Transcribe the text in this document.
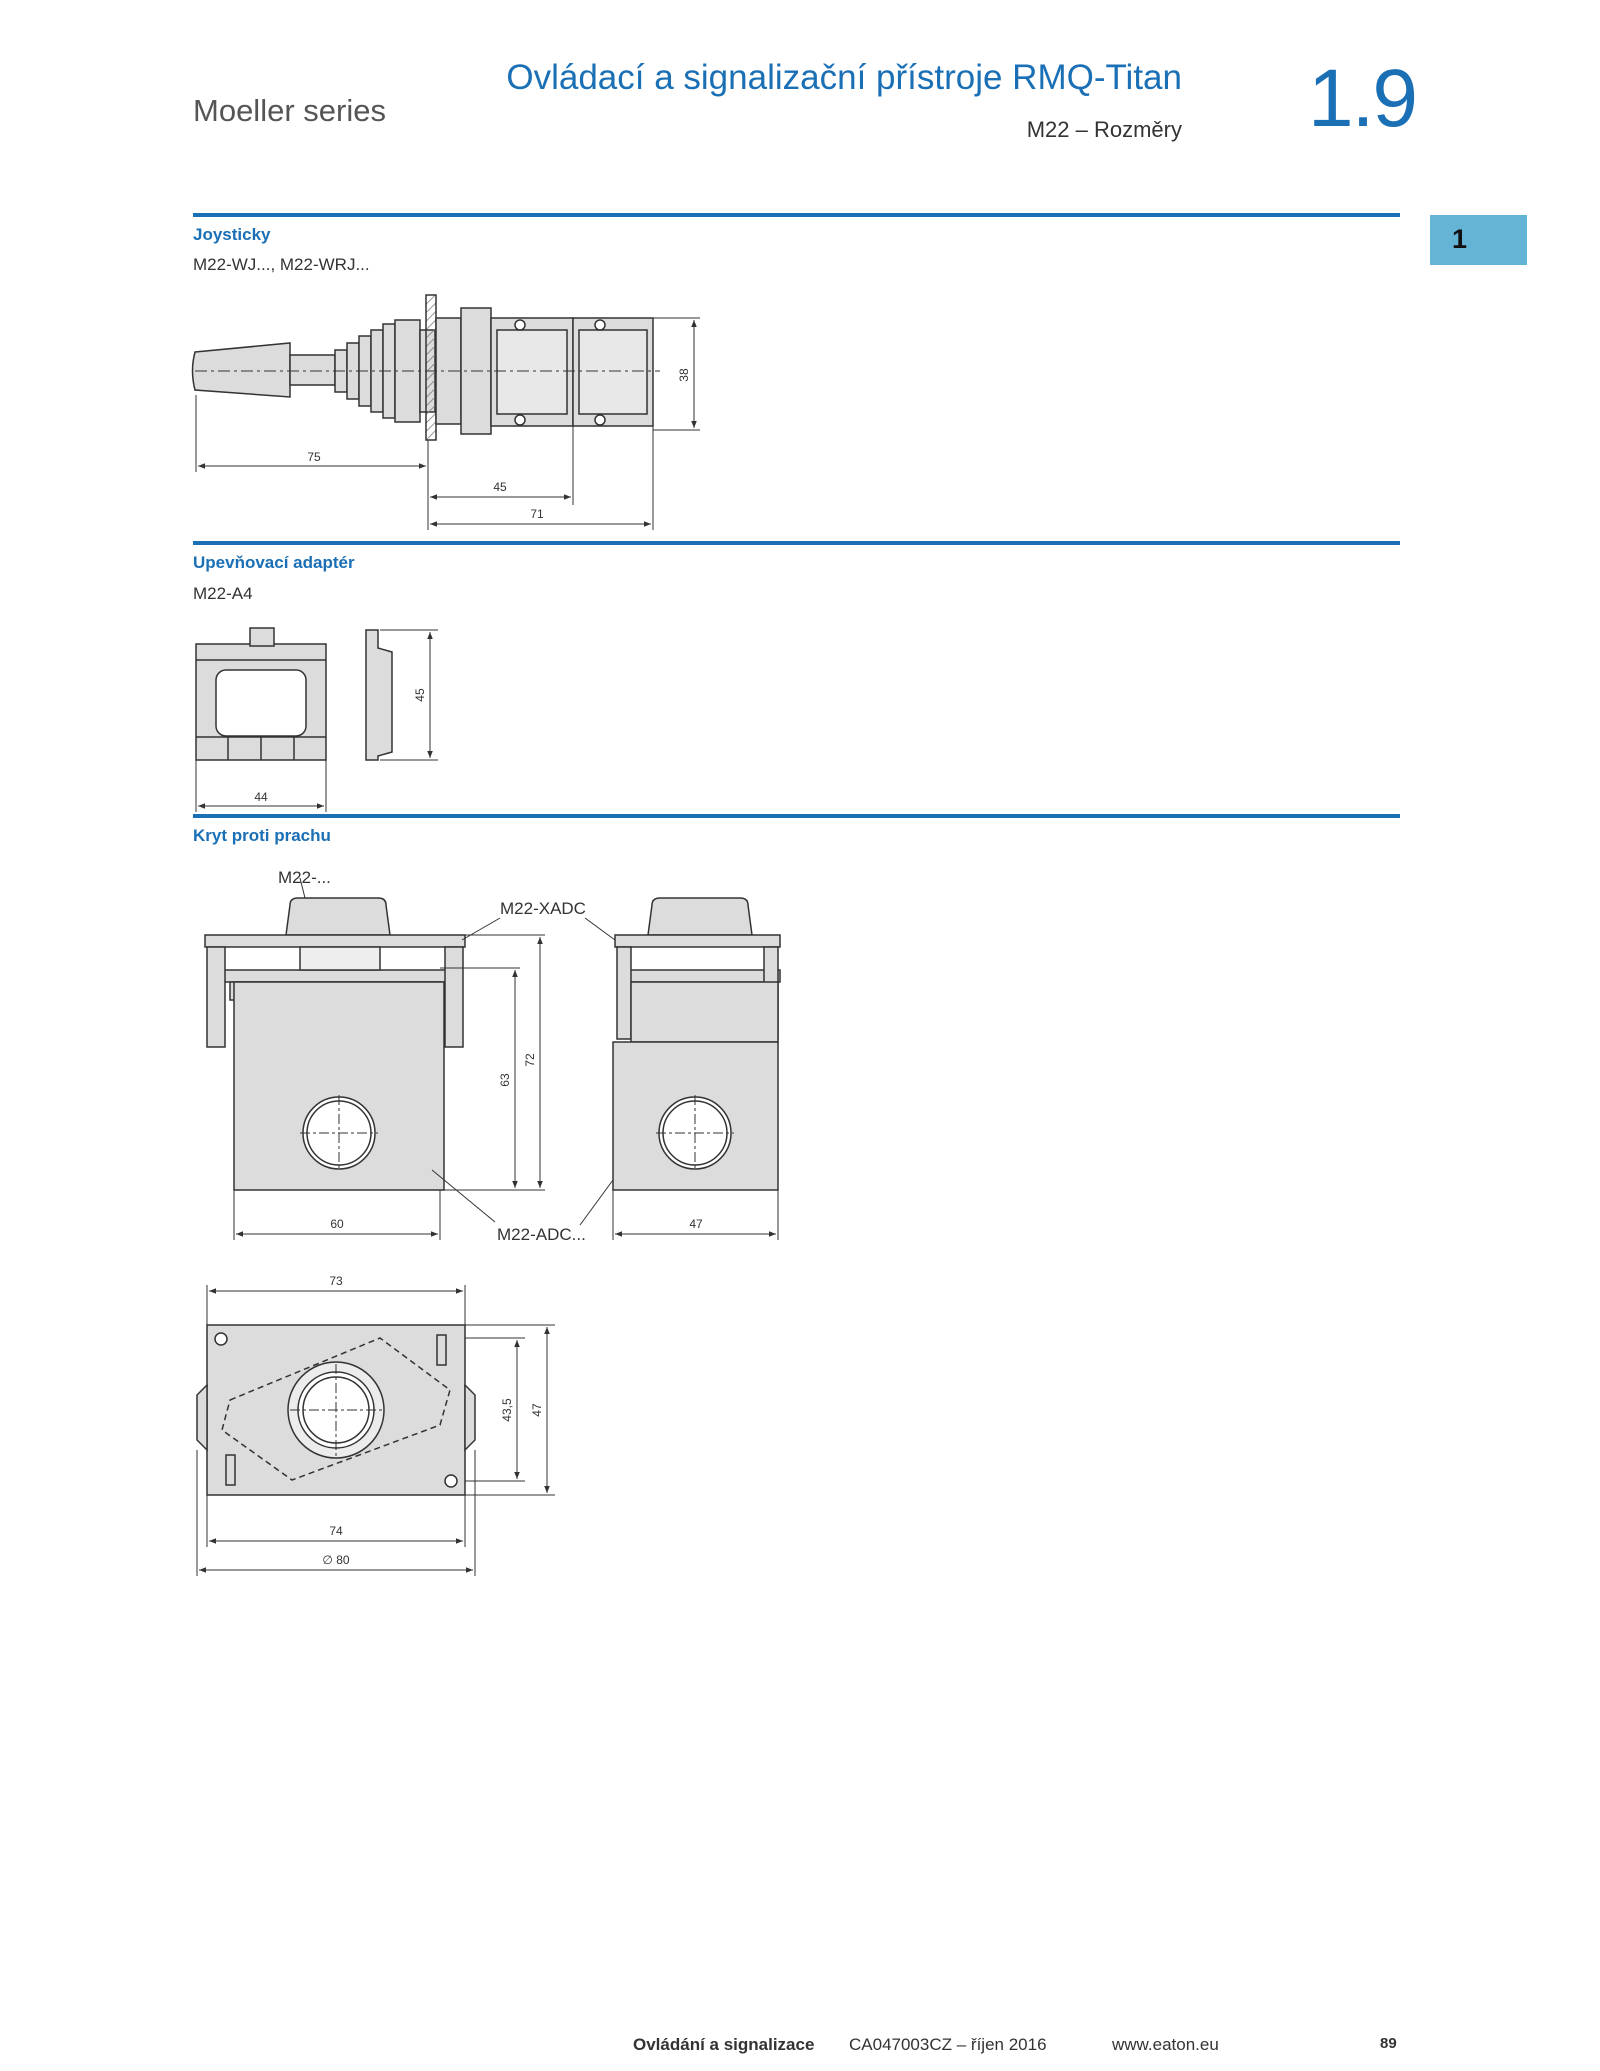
Moeller series
Ovládací a signalizační přístroje RMQ-Titan
M22 – Rozměry 1.9
1
Joysticky
M22-WJ..., M22-WRJ...
Upevňovací adaptér
M22-A4
Kryt proti prachu
75
45
71
38
44
45
60
63
72
M22-...
M22-XADC
M22-ADC...
47
73
43,5 47
74
∅ 80
Ovládání a signalizace CA047003CZ – říjen 2016	www.eaton.eu	89
